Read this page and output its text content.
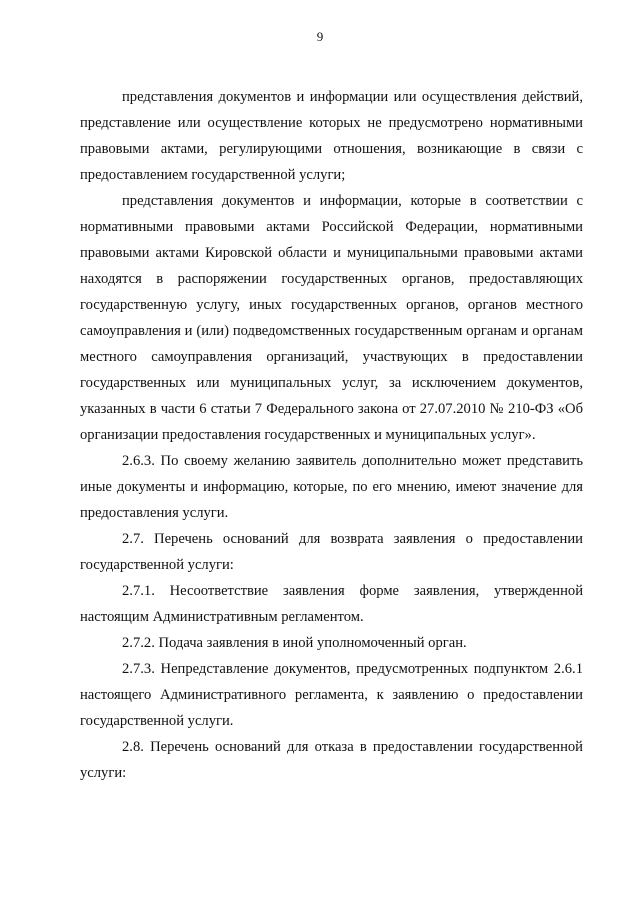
9

представления документов и информации или осуществления действий, представление или осуществление которых не предусмотрено нормативными правовыми актами, регулирующими отношения, возникающие в связи с предоставлением государственной услуги;

представления документов и информации, которые в соответствии с нормативными правовыми актами Российской Федерации, нормативными правовыми актами Кировской области и муниципальными правовыми актами находятся в распоряжении государственных органов, предоставляющих государственную услугу, иных государственных органов, органов местного самоуправления и (или) подведомственных государственным органам и органам местного самоуправления организаций, участвующих в предоставлении государственных или муниципальных услуг, за исключением документов, указанных в части 6 статьи 7 Федерального закона от 27.07.2010 № 210-ФЗ «Об организации предоставления государственных и муниципальных услуг».

2.6.3. По своему желанию заявитель дополнительно может представить иные документы и информацию, которые, по его мнению, имеют значение для предоставления услуги.

2.7. Перечень оснований для возврата заявления о предоставлении государственной услуги:

2.7.1. Несоответствие заявления форме заявления, утвержденной настоящим Административным регламентом.

2.7.2. Подача заявления в иной уполномоченный орган.

2.7.3. Непредставление документов, предусмотренных подпунктом 2.6.1 настоящего Административного регламента, к заявлению о предоставлении государственной услуги.

2.8. Перечень оснований для отказа в предоставлении государственной услуги:
